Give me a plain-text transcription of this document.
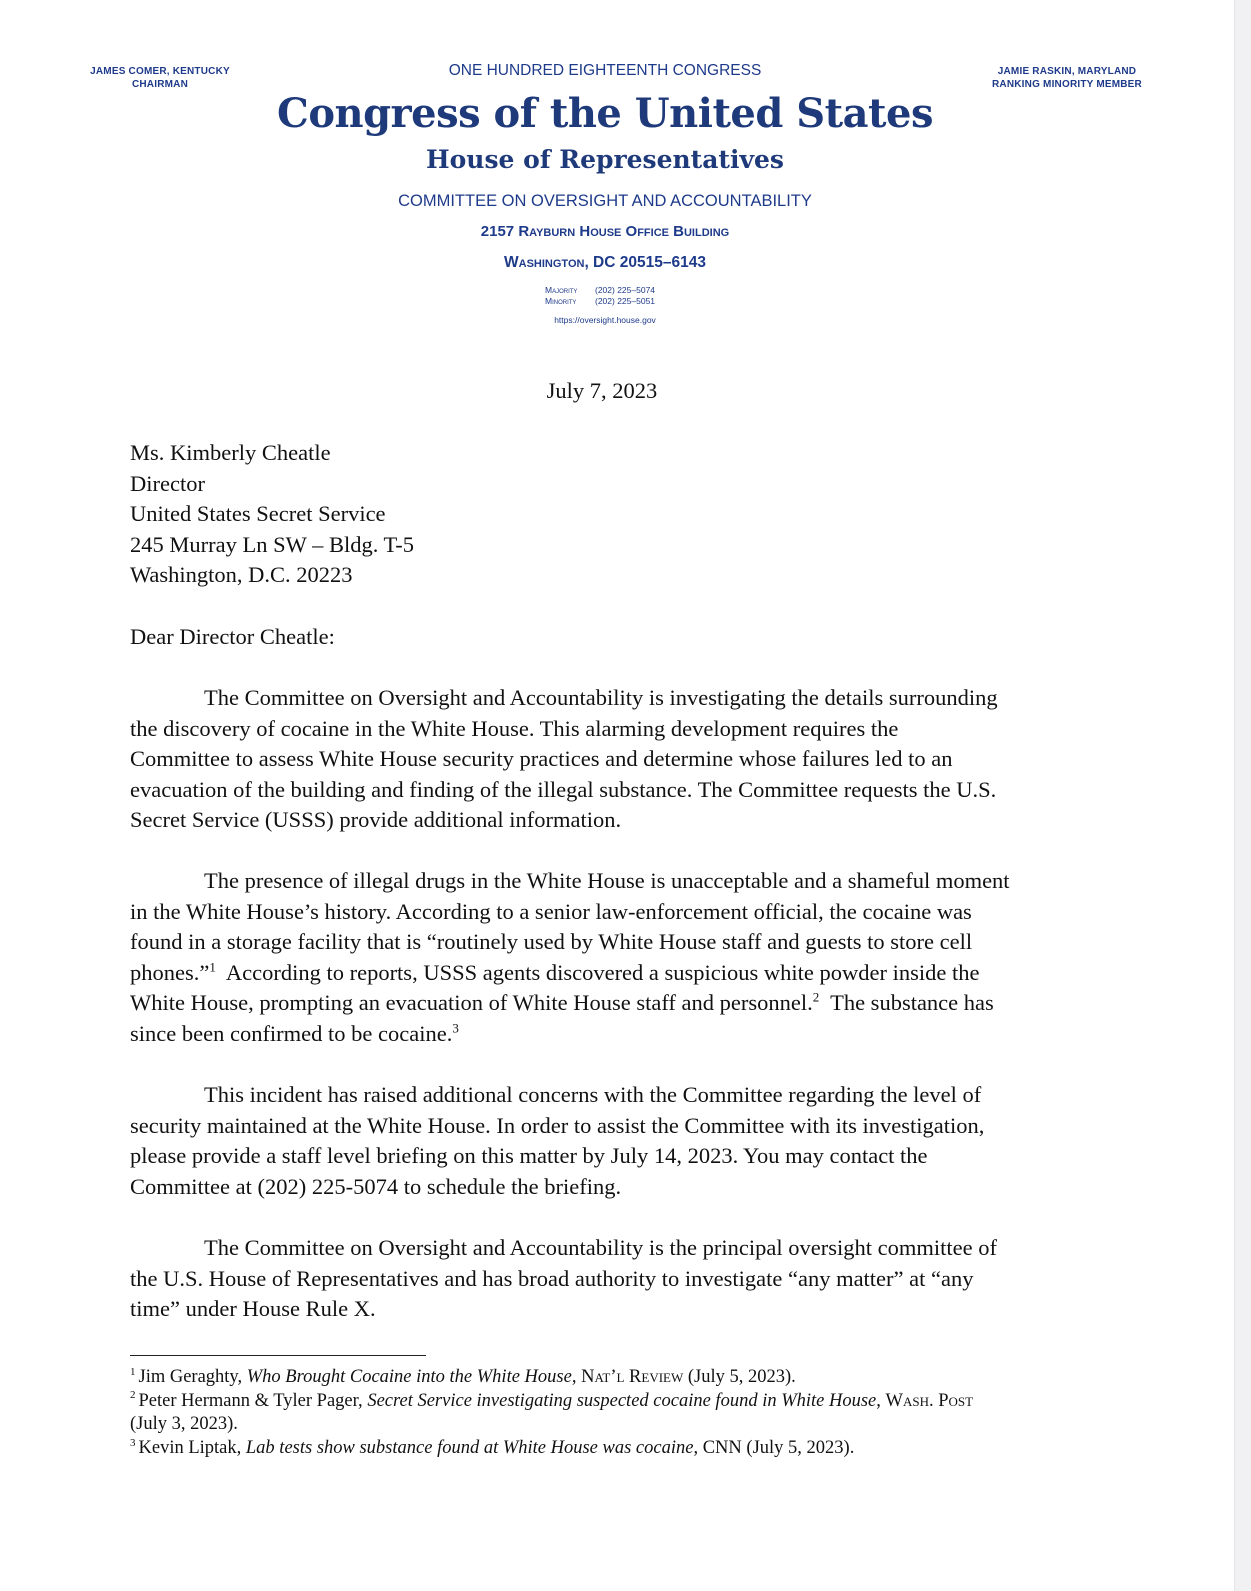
JAMES COMER, KENTUCKY
CHAIRMAN
JAMIE RASKIN, MARYLAND
RANKING MINORITY MEMBER
ONE HUNDRED EIGHTEENTH CONGRESS
Congress of the United States
House of Representatives
COMMITTEE ON OVERSIGHT AND ACCOUNTABILITY
2157 Rayburn House Office Building
Washington, DC 20515–6143
Majority (202) 225–5074
Minority (202) 225–5051
https://oversight.house.gov
July 7, 2023
Ms. Kimberly Cheatle
Director
United States Secret Service
245 Murray Ln SW – Bldg. T-5
Washington, D.C. 20223
Dear Director Cheatle:
The Committee on Oversight and Accountability is investigating the details surrounding
the discovery of cocaine in the White House. This alarming development requires the
Committee to assess White House security practices and determine whose failures led to an
evacuation of the building and finding of the illegal substance. The Committee requests the U.S.
Secret Service (USSS) provide additional information.
The presence of illegal drugs in the White House is unacceptable and a shameful moment
in the White House’s history. According to a senior law-enforcement official, the cocaine was
found in a storage facility that is “routinely used by White House staff and guests to store cell
phones.”$^1$  According to reports, USSS agents discovered a suspicious white powder inside the
White House, prompting an evacuation of White House staff and personnel.$^2$  The substance has
since been confirmed to be cocaine.$^3$
This incident has raised additional concerns with the Committee regarding the level of
security maintained at the White House. In order to assist the Committee with its investigation,
please provide a staff level briefing on this matter by July 14, 2023. You may contact the
Committee at (202) 225-5074 to schedule the briefing.
The Committee on Oversight and Accountability is the principal oversight committee of
the U.S. House of Representatives and has broad authority to investigate “any matter” at “any
time” under House Rule X.
$^1$ Jim Geraghty, Who Brought Cocaine into the White House, Nat’l Review (July 5, 2023).
$^2$ Peter Hermann & Tyler Pager, Secret Service investigating suspected cocaine found in White House, Wash. Post
(July 3, 2023).
$^3$ Kevin Liptak, Lab tests show substance found at White House was cocaine, CNN (July 5, 2023).
